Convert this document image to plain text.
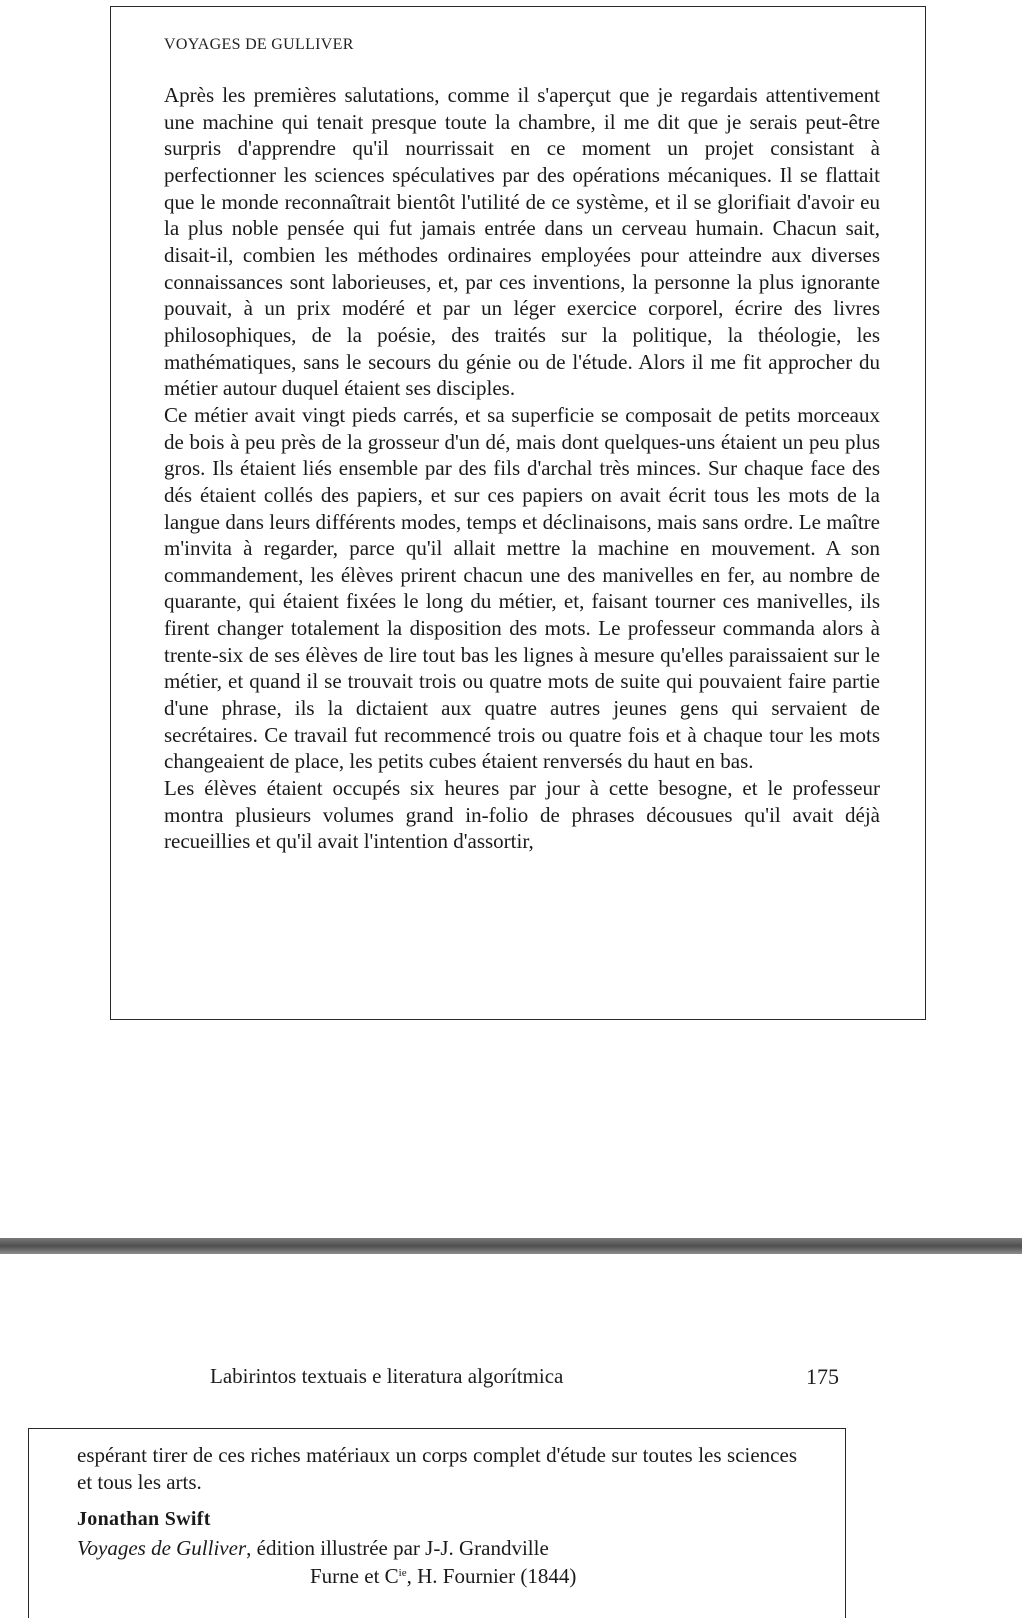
VOYAGES DE GULLIVER

Après les premières salutations, comme il s'aperçut que je regardais attentivement une machine qui tenait presque toute la chambre, il me dit que je serais peut-être surpris d'apprendre qu'il nourrissait en ce moment un projet consistant à perfectionner les sciences spéculatives par des opérations mécaniques. Il se flattait que le monde reconnaîtrait bientôt l'utilité de ce système, et il se glorifiait d'avoir eu la plus noble pensée qui fut jamais entrée dans un cerveau humain. Chacun sait, disait-il, combien les méthodes ordinaires employées pour atteindre aux diverses connaissances sont laborieuses, et, par ces inventions, la personne la plus ignorante pouvait, à un prix modéré et par un léger exercice corporel, écrire des livres philosophiques, de la poésie, des traités sur la politique, la théologie, les mathématiques, sans le secours du génie ou de l'étude. Alors il me fit approcher du métier autour duquel étaient ses disciples.

Ce métier avait vingt pieds carrés, et sa superficie se composait de petits morceaux de bois à peu près de la grosseur d'un dé, mais dont quelques-uns étaient un peu plus gros. Ils étaient liés ensemble par des fils d'archal très minces. Sur chaque face des dés étaient collés des papiers, et sur ces papiers on avait écrit tous les mots de la langue dans leurs différents modes, temps et déclinaisons, mais sans ordre. Le maître m'invita à regarder, parce qu'il allait mettre la machine en mouvement. A son commandement, les élèves prirent chacun une des manivelles en fer, au nombre de quarante, qui étaient fixées le long du métier, et, faisant tourner ces manivelles, ils firent changer totalement la disposition des mots. Le professeur commanda alors à trente-six de ses élèves de lire tout bas les lignes à mesure qu'elles paraissaient sur le métier, et quand il se trouvait trois ou quatre mots de suite qui pouvaient faire partie d'une phrase, ils la dictaient aux quatre autres jeunes gens qui servaient de secrétaires. Ce travail fut recommencé trois ou quatre fois et à chaque tour les mots changeaient de place, les petits cubes étaient renversés du haut en bas.

Les élèves étaient occupés six heures par jour à cette besogne, et le professeur montra plusieurs volumes grand in-folio de phrases décousues qu'il avait déjà recueillies et qu'il avait l'intention d'assortir,

Labirintos textuais e literatura algorítmica	175
espérant tirer de ces riches matériaux un corps complet d'étude sur toutes les sciences et tous les arts.
Jonathan Swift
Voyages de Gulliver, édition illustrée par J-J. Grandville
Furne et $C^{ie}$, H. Fournier (1844)
